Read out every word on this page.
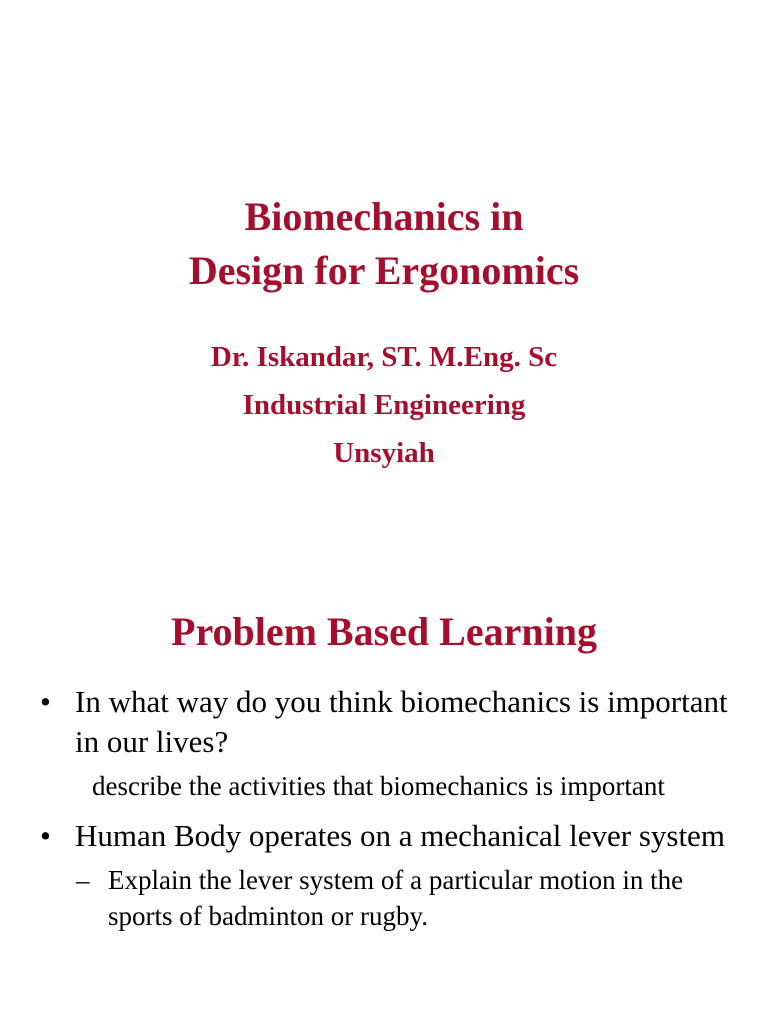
Biomechanics in
Design for Ergonomics
Dr. Iskandar, ST. M.Eng. Sc
Industrial Engineering
Unsyiah
Problem Based Learning
• In what way do you think biomechanics is important in our lives?
describe the activities that biomechanics is important
• Human Body operates on a mechanical lever system
– Explain the lever system of a particular motion in the sports of badminton or rugby.
